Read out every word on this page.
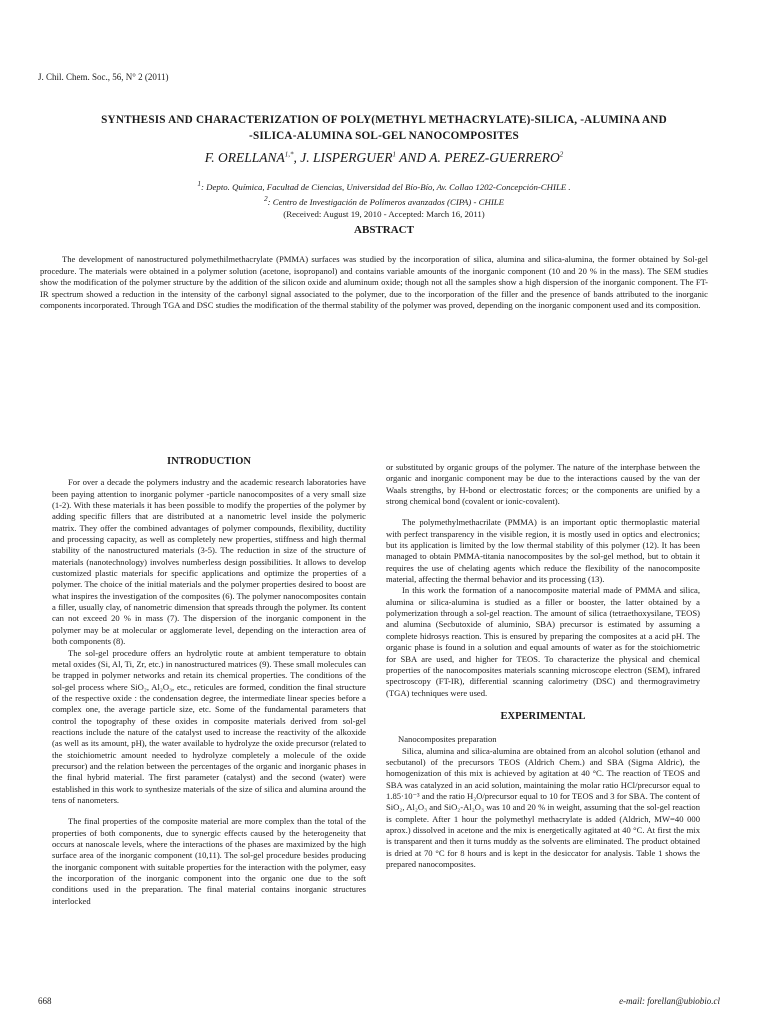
J. Chil. Chem. Soc., 56, N° 2 (2011)
SYNTHESIS AND CHARACTERIZATION OF POLY(METHYL METHACRYLATE)-SILICA, -ALUMINA AND
-SILICA-ALUMINA SOL-GEL NANOCOMPOSITES
F. $ORELLANA^{1,*}$, J. LISPERGUER$^1$ AND A. PEREZ-GUERRERO$^2$
$^1$: Depto. Química, Facultad de Ciencias, Universidad del Bío-Bío, Av. Collao 1202-Concepción-CHILE .
$^2$: Centro de Investigación de Polímeros avanzados (CIPA) - CHILE
(Received: August 19, 2010 - Accepted: March 16, 2011)
ABSTRACT
The development of nanostructured polymethilmethacrylate (PMMA) surfaces was studied by the incorporation of silica, alumina and silica-alumina, the former obtained by Sol-gel procedure. The materials were obtained in a polymer solution (acetone, isopropanol) and contains variable amounts of the inorganic component (10 and 20 % in the mass). The SEM studies show the modification of the polymer structure by the addition of the silicon oxide and aluminum oxide; though not all the samples show a high dispersion of the inorganic component. The FT-IR spectrum showed a reduction in the intensity of the carbonyl signal associated to the polymer, due to the incorporation of the filler and the presence of bands attributed to the inorganic components incorporated. Through TGA and DSC studies the modification of the thermal stability of the polymer was proved, depending on the inorganic component used and its composition.
INTRODUCTION

For over a decade the polymers industry and the academic research laboratories have been paying attention to inorganic polymer -particle nanocomposites of a very small size (1-2). With these materials it has been possible to modify the properties of the polymer by adding specific fillers that are distributed at a nanometric level inside the polymeric matrix. They offer the combined advantages of polymer compounds, flexibility, ductility and processing capacity, as well as completely new properties, stiffness and high thermal stability of the nanostructured materials (3-5). The reduction in size of the structure of materials (nanotechnology) involves numberless design possibilities. It allows to develop customized plastic materials for specific applications and optimize the properties of a polymer. The choice of the initial materials and the polymer properties desired to boost are what inspires the investigation of the composites (6). The polymer nanocomposites contain a filler, usually clay, of nanometric dimension that spreads through the polymer. Its content can not exceed 20 % in mass (7). The dispersion of the inorganic component in the polymer may be at molecular or agglomerate level, depending on the interaction area of both components (8).

The sol-gel procedure offers an hydrolytic route at ambient temperature to obtain metal oxides (Si, Al, Ti, Zr, etc.) in nanostructured matrices (9). These small molecules can be trapped in polymer networks and retain its chemical properties. The conditions of the sol-gel process where SiO₂, Al₂O₃, etc., reticules are formed, condition the final structure of the respective oxide : the condensation degree, the intermediate linear species before a complex one, the average particle size, etc. Some of the fundamental parameters that control the topography of these oxides in composite materials derived from sol-gel reactions include the nature of the catalyst used to increase the reactivity of the alkoxide (as well as its amount, pH), the water available to hydrolyze the oxide precursor (related to the stoichiometric amount needed to hydrolyze completely a molecule of the oxide precursor) and the relation between the percentages of the organic and inorganic phases in the final hybrid material. The first parameter (catalyst) and the second (water) were established in this work to synthesize materials of the size of silica and alumina around the tens of nanometers.

The final properties of the composite material are more complex than the total of the properties of both components, due to synergic effects caused by the heterogeneity that occurs at nanoscale levels, where the interactions of the phases are maximized by the high surface area of the inorganic component (10,11). The sol-gel procedure besides producing the inorganic component with suitable properties for the interaction with the polymer, easy the incorporation of the inorganic component into the organic one due to the soft conditions used in the preparation. The final material contains inorganic structures interlocked

or substituted by organic groups of the polymer. The nature of the interphase between the organic and inorganic component may be due to the interactions caused by the van der Waals strengths, by H-bond or electrostatic forces; or the components are unified by a strong chemical bond (covalent or ionic-covalent).

The polymethylmethacrilate (PMMA) is an important optic thermoplastic material with perfect transparency in the visible region, it is mostly used in optics and electronics; but its application is limited by the low thermal stability of this polymer (12). It has been managed to obtain PMMA-titania nanocomposites by the sol-gel method, but to obtain it requires the use of chelating agents which reduce the flexibility of the nanocomposite material, affecting the thermal behavior and its processing (13).

In this work the formation of a nanocomposite material made of PMMA and silica, alumina or silica-alumina is studied as a filler or booster, the latter obtained by a polymerization through a sol-gel reaction. The amount of silica (tetraethoxysilane, TEOS) and alumina (Secbutoxide of aluminio, SBA) precursor is estimated by assuming a complete hidrosys reaction. This is ensured by preparing the composites at a acid pH. The organic phase is found in a solution and equal amounts of water as for the stoichiometric for SBA are used, and higher for TEOS. To characterize the physical and chemical properties of the nanocomposites materials scanning microscope electron (SEM), infrared spectroscopy (FT-IR), differential scanning calorimetry (DSC) and thermogravimetry (TGA) techniques were used.

EXPERIMENTAL

Nanocomposites preparation

Silica, alumina and silica-alumina are obtained from an alcohol solution (ethanol and secbutanol) of the precursors TEOS (Aldrich Chem.) and SBA (Sigma Aldric), the homogenization of this mix is achieved by agitation at 40 °C. The reaction of TEOS and SBA was catalyzed in an acid solution, maintaining the molar ratio HCl/precursor equal to 1.85·10⁻³ and the ratio H₂O/precursor equal to 10 for TEOS and 3 for SBA. The content of SiO₂, Al₂O₃ and SiO₂-Al₂O₃ was 10 and 20 % in weight, assuming that the sol-gel reaction is complete. After 1 hour the polymethyl methacrylate is added (Aldrich, MW=40 000 aprox.) dissolved in acetone and the mix is energetically agitated at 40 °C. At first the mix is transparent and then it turns muddy as the solvents are eliminated. The product obtained is dried at 70 °C for 8 hours and is kept in the desiccator for analysis. Table 1 shows the prepared nanocomposites.

668	e-mail: forellan@ubiobio.cl
